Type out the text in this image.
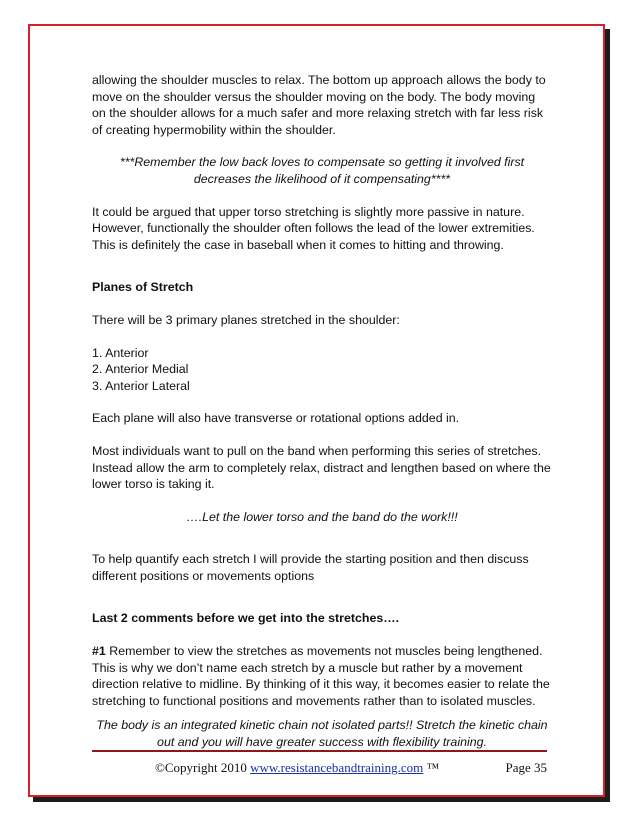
allowing the shoulder muscles to relax. The bottom up approach allows the body to move on the shoulder versus the shoulder moving on the body. The body moving on the shoulder allows for a much safer and more relaxing stretch with far less risk of creating hypermobility within the shoulder.

***Remember the low back loves to compensate so getting it involved first decreases the likelihood of it compensating****

It could be argued that upper torso stretching is slightly more passive in nature. However, functionally the shoulder often follows the lead of the lower extremities. This is definitely the case in baseball when it comes to hitting and throwing.

Planes of Stretch

There will be 3 primary planes stretched in the shoulder:

1. Anterior
2. Anterior Medial
3. Anterior Lateral

Each plane will also have transverse or rotational options added in.

Most individuals want to pull on the band when performing this series of stretches. Instead allow the arm to completely relax, distract and lengthen based on where the lower torso is taking it.

….Let the lower torso and the band do the work!!!

To help quantify each stretch I will provide the starting position and then discuss different positions or movements options

Last 2 comments before we get into the stretches….

#1 Remember to view the stretches as movements not muscles being lengthened. This is why we don’t name each stretch by a muscle but rather by a movement direction relative to midline. By thinking of it this way, it becomes easier to relate the stretching to functional positions and movements rather than to isolated muscles.

The body is an integrated kinetic chain not isolated parts!! Stretch the kinetic chain out and you will have greater success with flexibility training.

©Copyright 2010 www.resistancebandtraining.com ™	Page 35
